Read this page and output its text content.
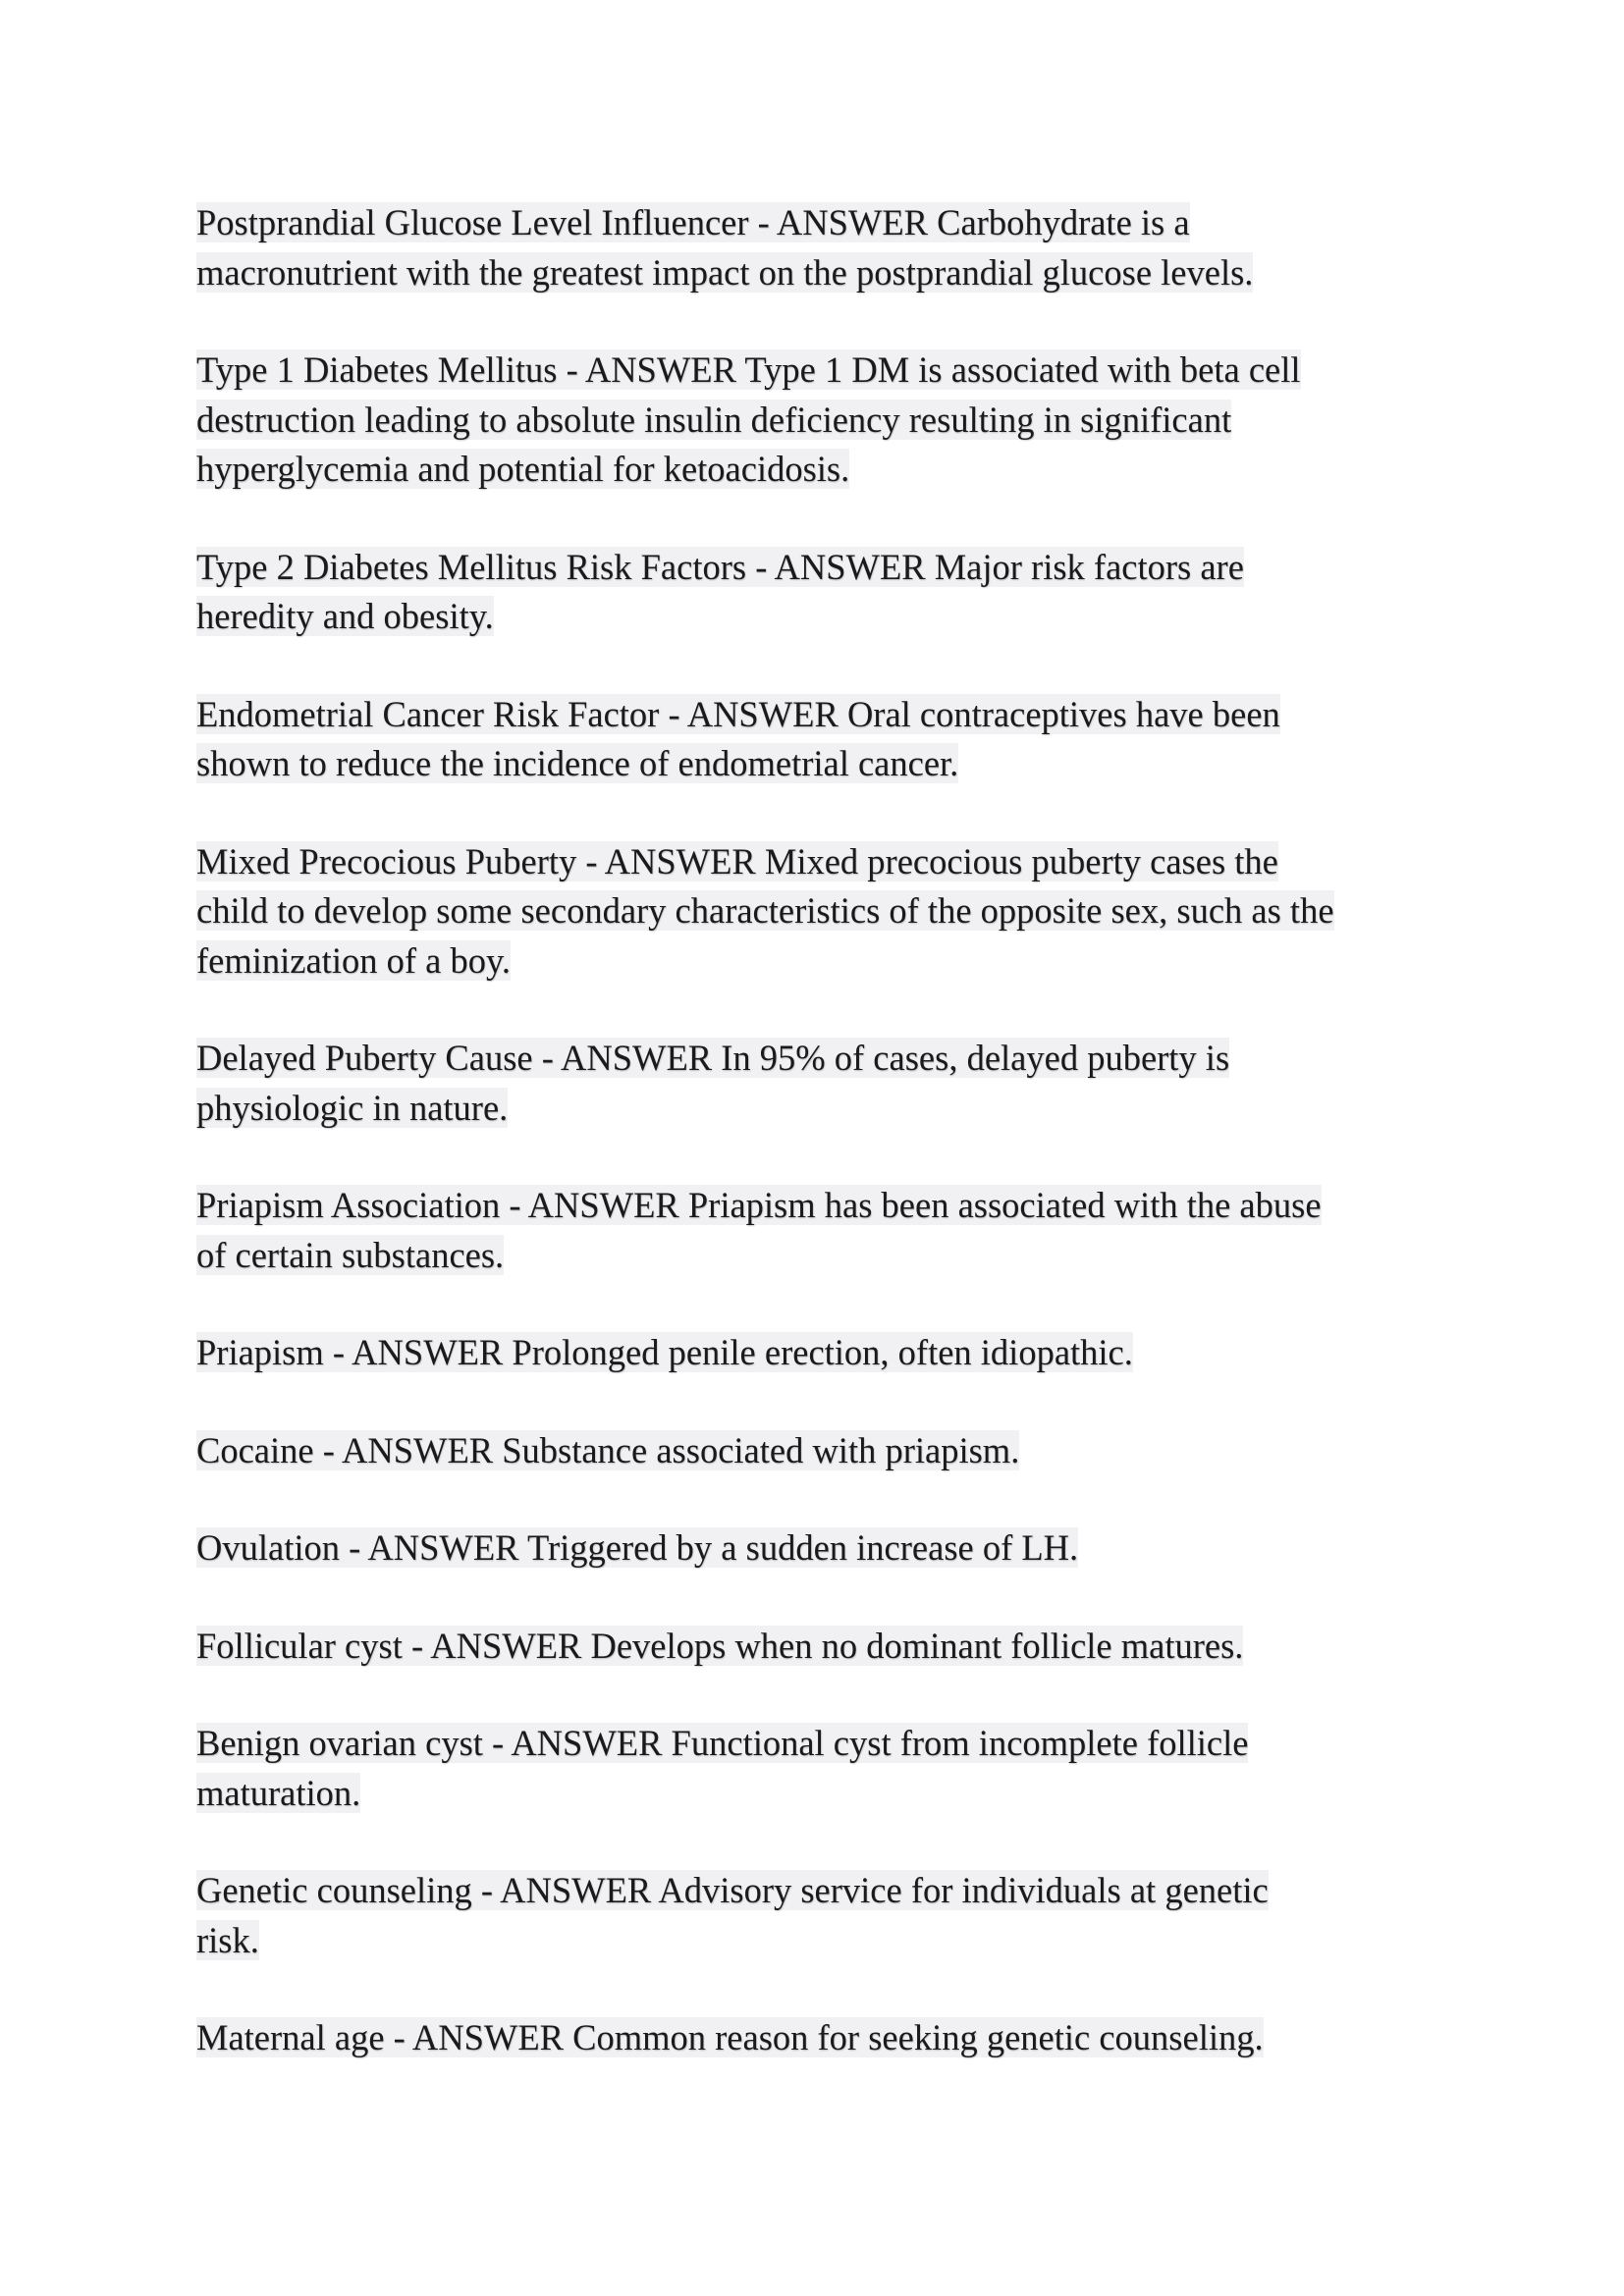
Postprandial Glucose Level Influencer - ANSWER Carbohydrate is a
macronutrient with the greatest impact on the postprandial glucose levels.

Type 1 Diabetes Mellitus - ANSWER Type 1 DM is associated with beta cell
destruction leading to absolute insulin deficiency resulting in significant
hyperglycemia and potential for ketoacidosis.

Type 2 Diabetes Mellitus Risk Factors - ANSWER Major risk factors are
heredity and obesity.

Endometrial Cancer Risk Factor - ANSWER Oral contraceptives have been
shown to reduce the incidence of endometrial cancer.

Mixed Precocious Puberty - ANSWER Mixed precocious puberty cases the
child to develop some secondary characteristics of the opposite sex, such as the
feminization of a boy.

Delayed Puberty Cause - ANSWER In 95% of cases, delayed puberty is
physiologic in nature.

Priapism Association - ANSWER Priapism has been associated with the abuse
of certain substances.

Priapism - ANSWER Prolonged penile erection, often idiopathic.

Cocaine - ANSWER Substance associated with priapism.

Ovulation - ANSWER Triggered by a sudden increase of LH.

Follicular cyst - ANSWER Develops when no dominant follicle matures.

Benign ovarian cyst - ANSWER Functional cyst from incomplete follicle
maturation.

Genetic counseling - ANSWER Advisory service for individuals at genetic
risk.

Maternal age - ANSWER Common reason for seeking genetic counseling.
